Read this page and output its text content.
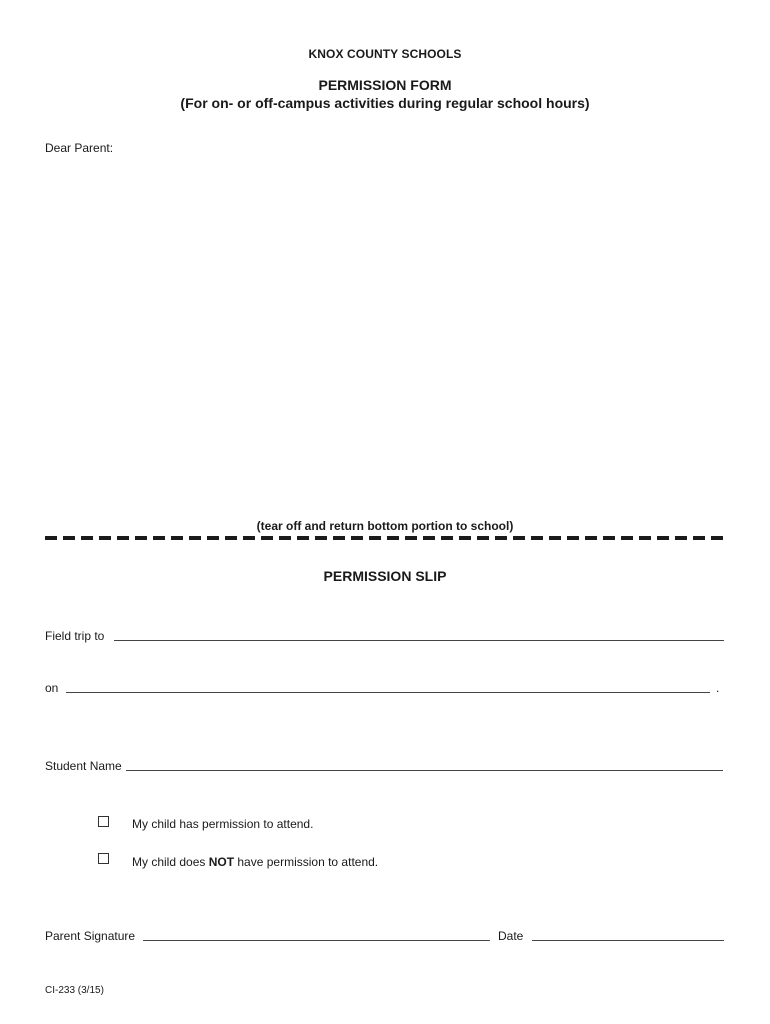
KNOX COUNTY SCHOOLS
PERMISSION FORM
(For on- or off-campus activities during regular school hours)
Dear Parent:
(tear off and return bottom portion to school)
PERMISSION SLIP
Field trip to
on	.
Student Name
My child has permission to attend.
My child does NOT have permission to attend.
Parent Signature	Date
CI-233 (3/15)
